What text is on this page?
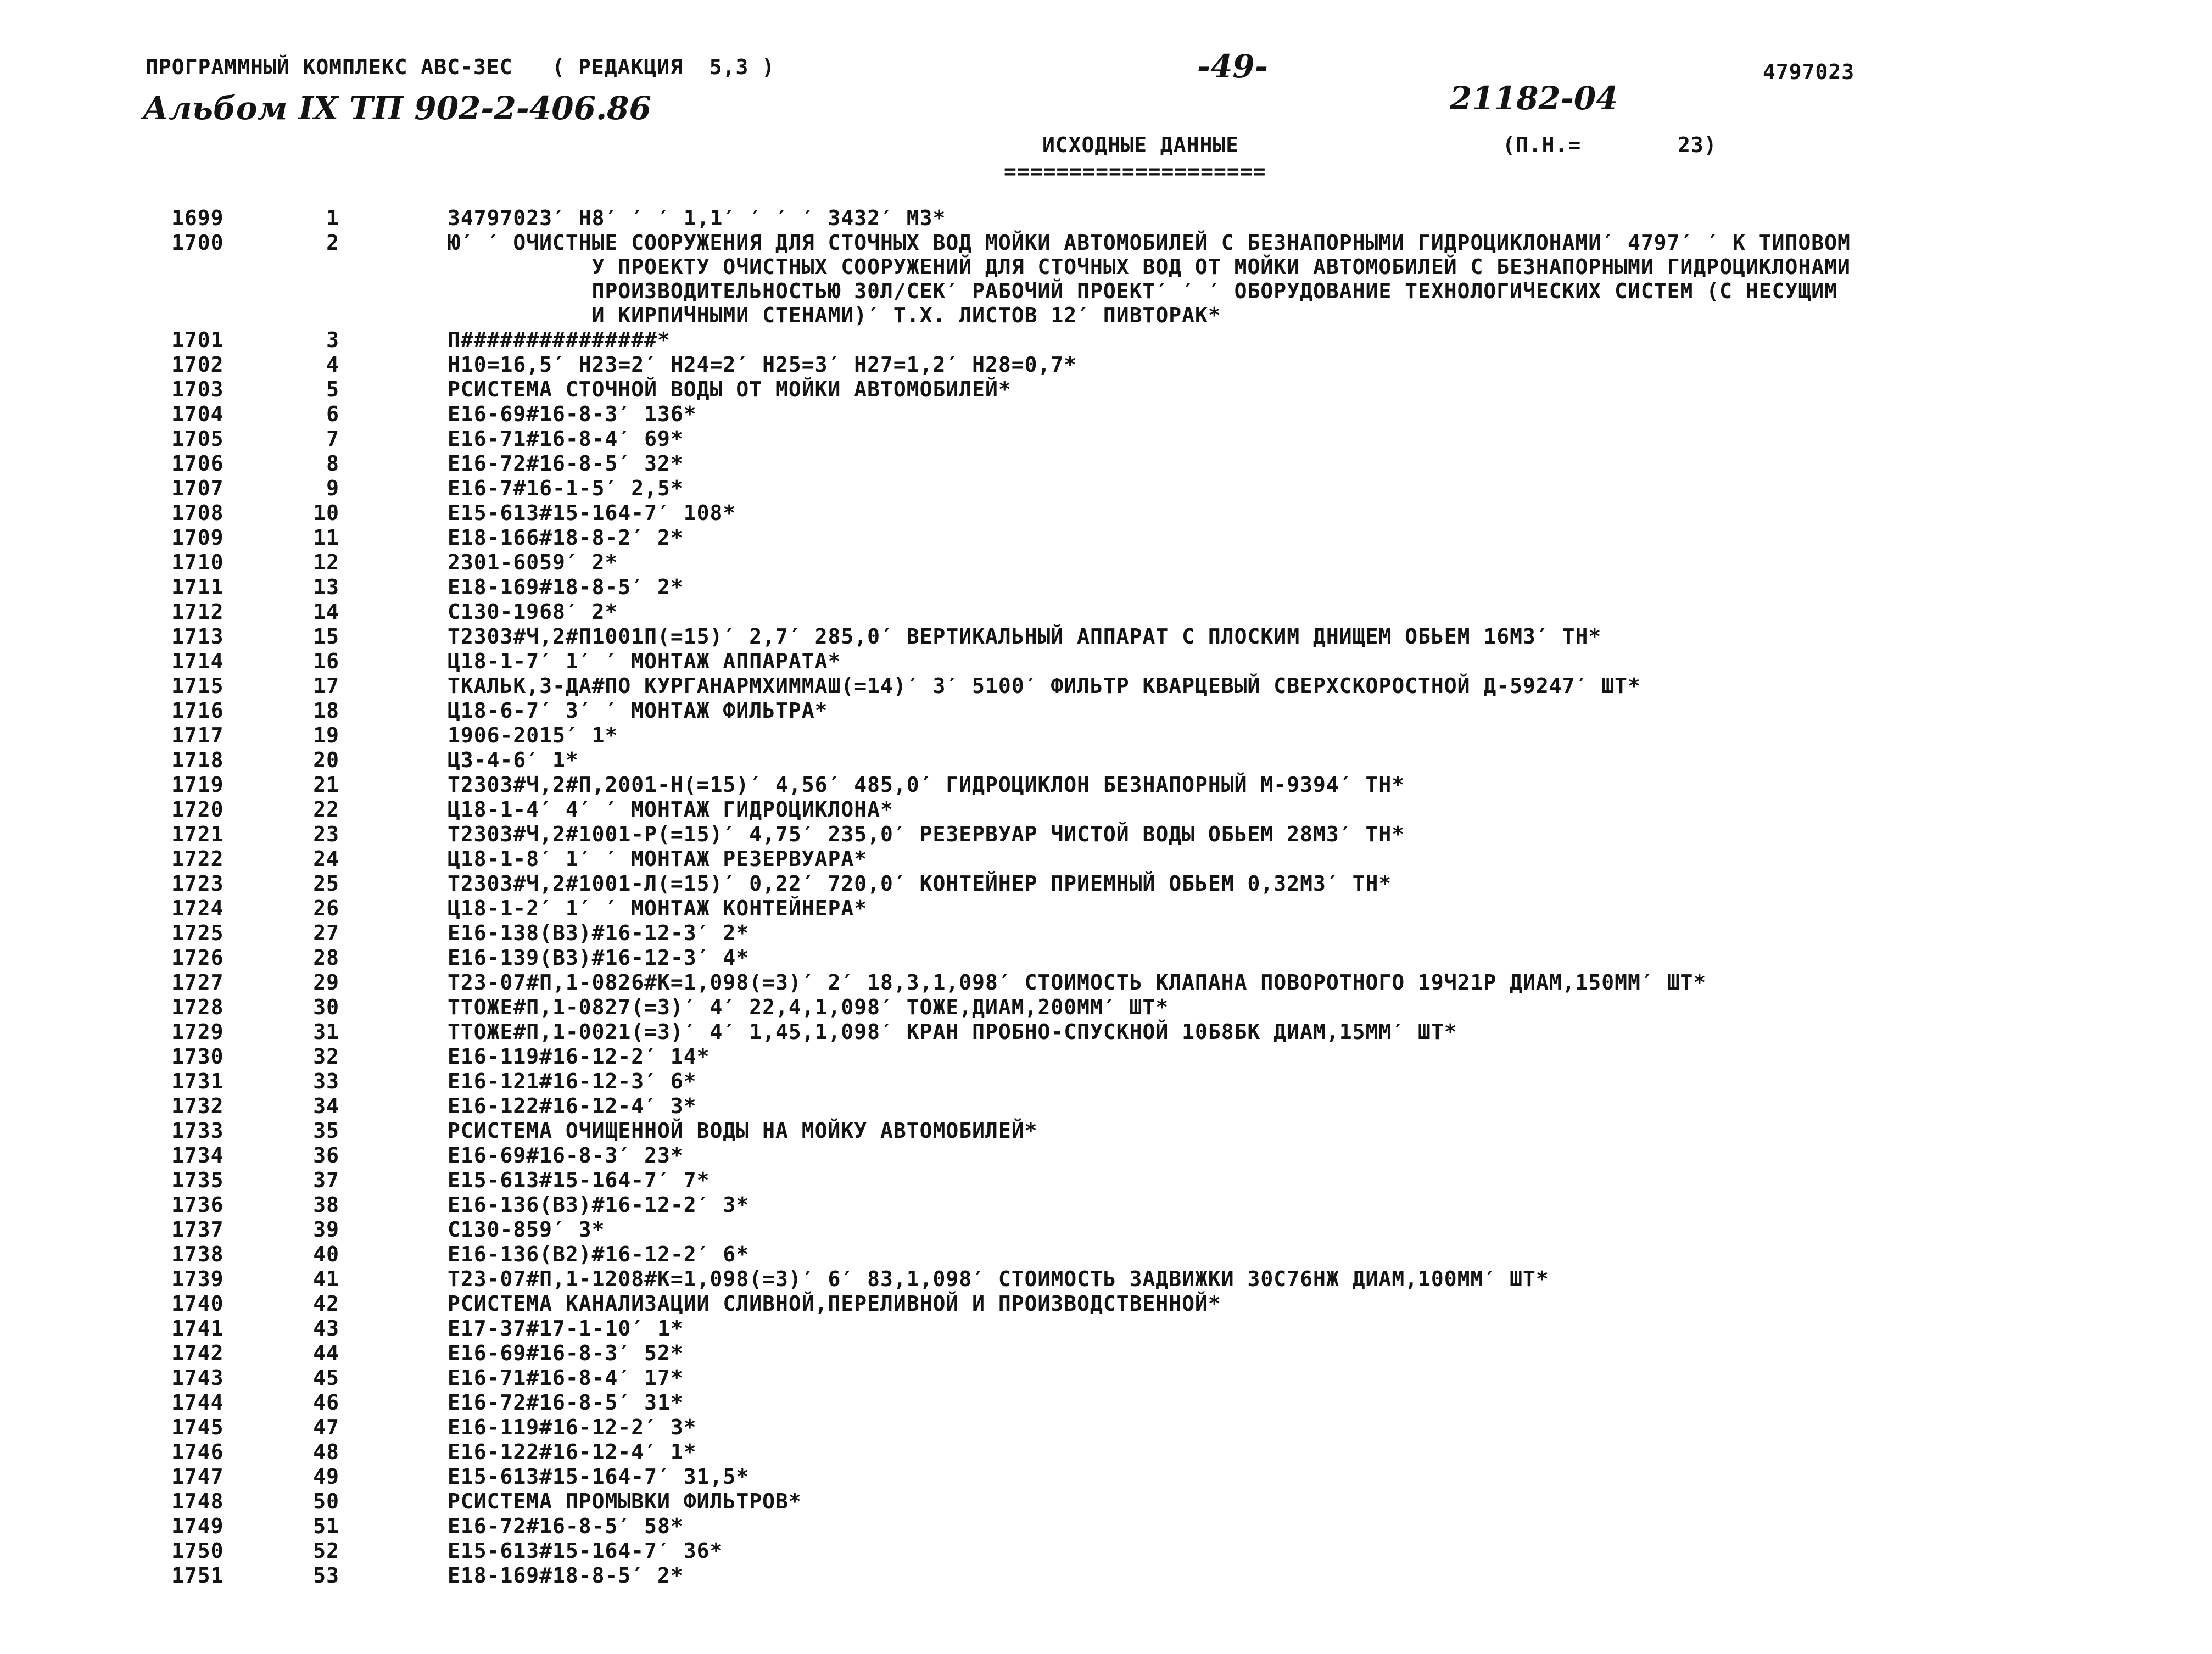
ПРОГРАММНЫЙ КОМПЛЕКС АВС-3ЕС   ( РЕДАКЦИЯ  5,3 )	-49-	4797023
Альбом IX ТП 902-2-406.86	21182-04
ИСХОДНЫЕ ДАННЫЕ
====================
(П.Н.=	23)
1699	1	34797023′ Н8′ ′ ′ 1,1′ ′ ′ ′ 3432′ М3*
1700	2	Ю′ ′ ОЧИСТНЫЕ СООРУЖЕНИЯ ДЛЯ СТОЧНЫХ ВОД МОЙКИ АВТОМОБИЛЕЙ С БЕЗНАПОРНЫМИ ГИДРОЦИКЛОНАМИ′ 4797′ ′ К ТИПОВОМ
У ПРОЕКТУ ОЧИСТНЫХ СООРУЖЕНИЙ ДЛЯ СТОЧНЫХ ВОД ОТ МОЙКИ АВТОМОБИЛЕЙ С БЕЗНАПОРНЫМИ ГИДРОЦИКЛОНАМИ
ПРОИЗВОДИТЕЛЬНОСТЬЮ 30Л/СЕК′ РАБОЧИЙ ПРОЕКТ′ ′ ′ ОБОРУДОВАНИЕ ТЕХНОЛОГИЧЕСКИХ СИСТЕМ (С НЕСУЩИМ
И КИРПИЧНЫМИ СТЕНАМИ)′ Т.Х. ЛИСТОВ 12′ ПИВТОРАК*
1701	3	П###############*
1702	4	Н10=16,5′ Н23=2′ Н24=2′ Н25=3′ Н27=1,2′ Н28=0,7*
1703	5	РСИСТЕМА СТОЧНОЙ ВОДЫ ОТ МОЙКИ АВТОМОБИЛЕЙ*
1704	6	Е16-69#16-8-3′ 136*
1705	7	Е16-71#16-8-4′ 69*
1706	8	Е16-72#16-8-5′ 32*
1707	9	Е16-7#16-1-5′ 2,5*
1708	10	Е15-613#15-164-7′ 108*
1709	11	Е18-166#18-8-2′ 2*
1710	12	2301-6059′ 2*
1711	13	Е18-169#18-8-5′ 2*
1712	14	С130-1968′ 2*
1713	15	Т2303#Ч,2#П1001П(=15)′ 2,7′ 285,0′ ВЕРТИКАЛЬНЫЙ АППАРАТ С ПЛОСКИМ ДНИЩЕМ ОБЬЕМ 16М3′ ТН*
1714	16	Ц18-1-7′ 1′ ′ МОНТАЖ АППАРАТА*
1715	17	ТКАЛЬК,3-ДА#ПО КУРГАНАРМХИММАШ(=14)′ 3′ 5100′ ФИЛЬТР КВАРЦЕВЫЙ СВЕРХСКОРОСТНОЙ Д-59247′ ШТ*
1716	18	Ц18-6-7′ 3′ ′ МОНТАЖ ФИЛЬТРА*
1717	19	1906-2015′ 1*
1718	20	Ц3-4-6′ 1*
1719	21	Т2303#Ч,2#П,2001-Н(=15)′ 4,56′ 485,0′ ГИДРОЦИКЛОН БЕЗНАПОРНЫЙ М-9394′ ТН*
1720	22	Ц18-1-4′ 4′ ′ МОНТАЖ ГИДРОЦИКЛОНА*
1721	23	Т2303#Ч,2#1001-Р(=15)′ 4,75′ 235,0′ РЕЗЕРВУАР ЧИСТОЙ ВОДЫ ОБЬЕМ 28М3′ ТН*
1722	24	Ц18-1-8′ 1′ ′ МОНТАЖ РЕЗЕРВУАРА*
1723	25	Т2303#Ч,2#1001-Л(=15)′ 0,22′ 720,0′ КОНТЕЙНЕР ПРИЕМНЫЙ ОБЬЕМ 0,32М3′ ТН*
1724	26	Ц18-1-2′ 1′ ′ МОНТАЖ КОНТЕЙНЕРА*
1725	27	Е16-138(В3)#16-12-3′ 2*
1726	28	Е16-139(В3)#16-12-3′ 4*
1727	29	Т23-07#П,1-0826#К=1,098(=3)′ 2′ 18,3,1,098′ СТОИМОСТЬ КЛАПАНА ПОВОРОТНОГО 19Ч21Р ДИАМ,150ММ′ ШТ*
1728	30	ТТОЖЕ#П,1-0827(=3)′ 4′ 22,4,1,098′ ТОЖЕ,ДИАМ,200ММ′ ШТ*
1729	31	ТТОЖЕ#П,1-0021(=3)′ 4′ 1,45,1,098′ КРАН ПРОБНО-СПУСКНОЙ 10Б8БК ДИАМ,15ММ′ ШТ*
1730	32	Е16-119#16-12-2′ 14*
1731	33	Е16-121#16-12-3′ 6*
1732	34	Е16-122#16-12-4′ 3*
1733	35	РСИСТЕМА ОЧИЩЕННОЙ ВОДЫ НА МОЙКУ АВТОМОБИЛЕЙ*
1734	36	Е16-69#16-8-3′ 23*
1735	37	Е15-613#15-164-7′ 7*
1736	38	Е16-136(В3)#16-12-2′ 3*
1737	39	С130-859′ 3*
1738	40	Е16-136(В2)#16-12-2′ 6*
1739	41	Т23-07#П,1-1208#К=1,098(=3)′ 6′ 83,1,098′ СТОИМОСТЬ ЗАДВИЖКИ 30С76НЖ ДИАМ,100ММ′ ШТ*
1740	42	РСИСТЕМА КАНАЛИЗАЦИИ СЛИВНОЙ,ПЕРЕЛИВНОЙ И ПРОИЗВОДСТВЕННОЙ*
1741	43	Е17-37#17-1-10′ 1*
1742	44	Е16-69#16-8-3′ 52*
1743	45	Е16-71#16-8-4′ 17*
1744	46	Е16-72#16-8-5′ 31*
1745	47	Е16-119#16-12-2′ 3*
1746	48	Е16-122#16-12-4′ 1*
1747	49	Е15-613#15-164-7′ 31,5*
1748	50	РСИСТЕМА ПРОМЫВКИ ФИЛЬТРОВ*
1749	51	Е16-72#16-8-5′ 58*
1750	52	Е15-613#15-164-7′ 36*
1751	53	Е18-169#18-8-5′ 2*
